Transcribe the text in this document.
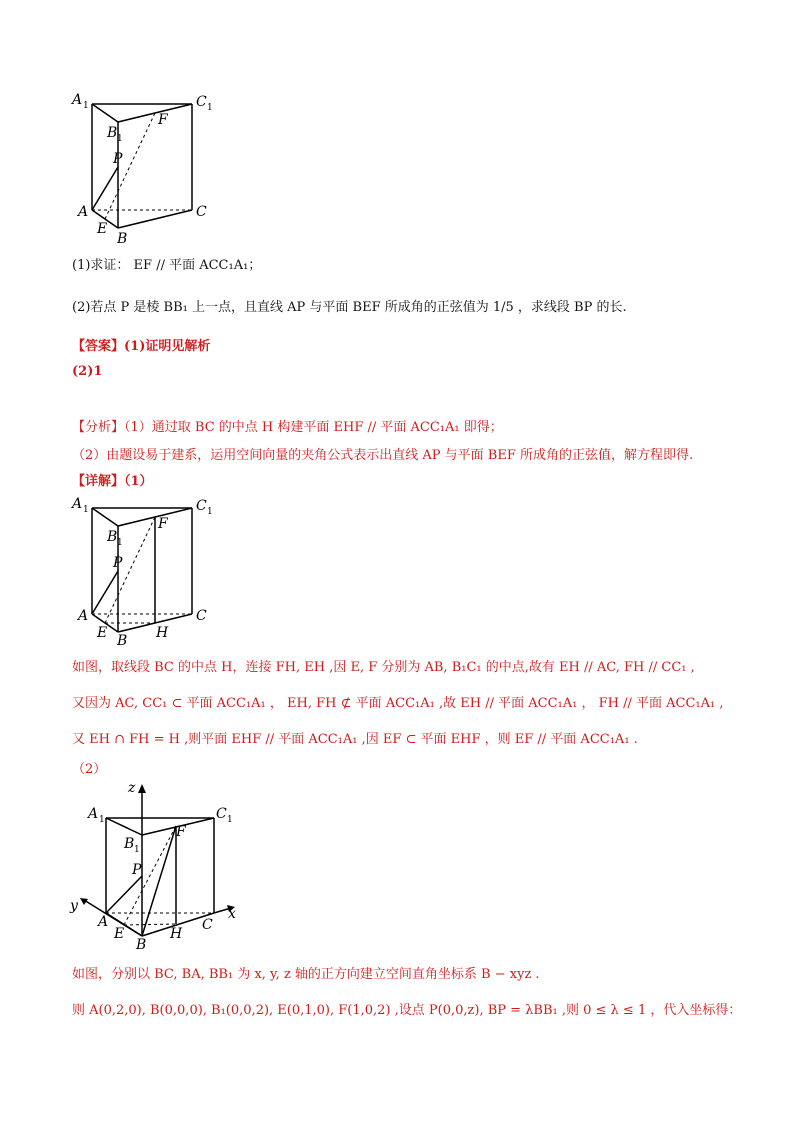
A 1	C 1
B 1
F
P
A	C
E
B
(1)求证： EF // 平面 ACC₁A₁；
(2)若点 P 是棱 BB₁ 上一点，且直线 AP 与平面 BEF 所成角的正弦值为 1/5 ，求线段 BP 的长.
【答案】(1)证明见解析
(2)1
【分析】（1）通过取 BC 的中点 H 构建平面 EHF // 平面 ACC₁A₁ 即得；
（2）由题设易于建系，运用空间向量的夹角公式表示出直线 AP 与平面 BEF 所成角的正弦值，解方程即得.
【详解】（1）
A 1	C 1
B 1
F
P
A	C
E B H
如图，取线段 BC 的中点 H，连接 FH, EH ,因 E, F 分别为 AB, B₁C₁ 的中点,故有 EH // AC, FH // CC₁ ,
又因为 AC, CC₁ ⊂ 平面 ACC₁A₁ ， EH, FH ⊄ 平面 ACC₁A₁ ,故 EH // 平面 ACC₁A₁ ， FH // 平面 ACC₁A₁ ,
又 EH ∩ FH = H ,则平面 EHF // 平面 ACC₁A₁ ,因 EF ⊂ 平面 EHF ，则 EF // 平面 ACC₁A₁ .
（2）
z
A 1	C 1
B 1
F
P
y	x
A
E
B
H
C
如图，分别以 BC, BA, BB₁ 为 x, y, z 轴的正方向建立空间直角坐标系 B − xyz .
则 A(0,2,0), B(0,0,0), B₁(0,0,2), E(0,1,0), F(1,0,2) ,设点 P(0,0,z), BP = λBB₁ ,则 0 ≤ λ ≤ 1 ，代入坐标得：
